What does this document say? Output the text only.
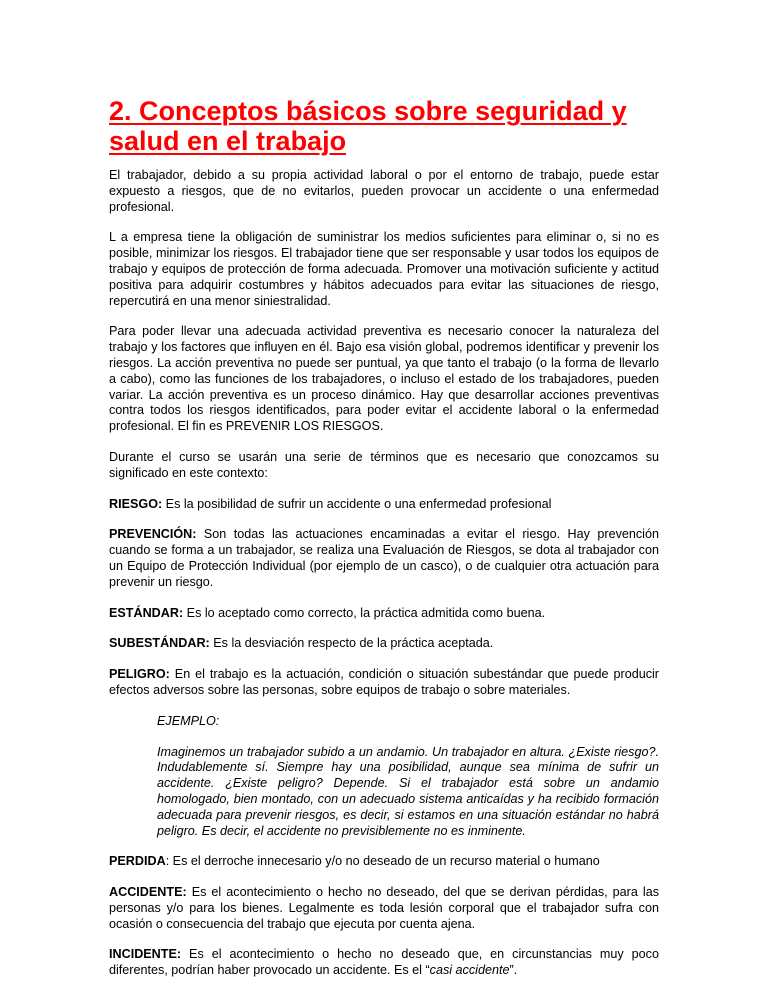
2. Conceptos básicos sobre seguridad y salud en el trabajo

El trabajador, debido a su propia actividad laboral o por el entorno de trabajo, puede estar expuesto a riesgos, que de no evitarlos, pueden provocar un accidente o una enfermedad profesional.

L a empresa tiene la obligación de suministrar los medios suficientes para eliminar o, si no es posible, minimizar los riesgos. El trabajador tiene que ser responsable y usar todos los equipos de trabajo y equipos de protección de forma adecuada. Promover una motivación suficiente y actitud positiva para adquirir costumbres y hábitos adecuados para evitar las situaciones de riesgo, repercutirá en una menor siniestralidad.

Para poder llevar una adecuada actividad preventiva es necesario conocer la naturaleza del trabajo y los factores que influyen en él. Bajo esa visión global, podremos identificar y prevenir los riesgos. La acción preventiva no puede ser puntual, ya que tanto el trabajo (o la forma de llevarlo a cabo), como las funciones de los trabajadores, o incluso el estado de los trabajadores, pueden variar. La acción preventiva es un proceso dinámico. Hay que desarrollar acciones preventivas contra todos los riesgos identificados, para poder evitar el accidente laboral o la enfermedad profesional. El fin es PREVENIR LOS RIESGOS.

Durante el curso se usarán una serie de términos que es necesario que conozcamos su significado en este contexto:

RIESGO: Es la posibilidad de sufrir un accidente o una enfermedad profesional

PREVENCIÓN: Son todas las actuaciones encaminadas a evitar el riesgo. Hay prevención cuando se forma a un trabajador, se realiza una Evaluación de Riesgos, se dota al trabajador con un Equipo de Protección Individual (por ejemplo de un casco), o de cualquier otra actuación para prevenir un riesgo.

ESTÁNDAR: Es lo aceptado como correcto, la práctica admitida como buena.

SUBESTÁNDAR: Es la desviación respecto de la práctica aceptada.

PELIGRO: En el trabajo es la actuación, condición o situación subestándar que puede producir efectos adversos sobre las personas, sobre equipos de trabajo o sobre materiales.

EJEMPLO:

Imaginemos un trabajador subido a un andamio. Un trabajador en altura. ¿Existe riesgo?. Indudablemente sí. Siempre hay una posibilidad, aunque sea mínima de sufrir un accidente. ¿Existe peligro? Depende. Si el trabajador está sobre un andamio homologado, bien montado, con un adecuado sistema anticaídas y ha recibido formación adecuada para prevenir riesgos, es decir, si estamos en una situación estándar no habrá peligro. Es decir, el accidente no previsiblemente no es inminente.

PERDIDA: Es el derroche innecesario y/o no deseado de un recurso material o humano

ACCIDENTE: Es el acontecimiento o hecho no deseado, del que se derivan pérdidas, para las personas y/o para los bienes. Legalmente es toda lesión corporal que el trabajador sufra con ocasión o consecuencia del trabajo que ejecuta por cuenta ajena.

INCIDENTE: Es el acontecimiento o hecho no deseado que, en circunstancias muy poco diferentes, podrían haber provocado un accidente. Es el “casi accidente”.
